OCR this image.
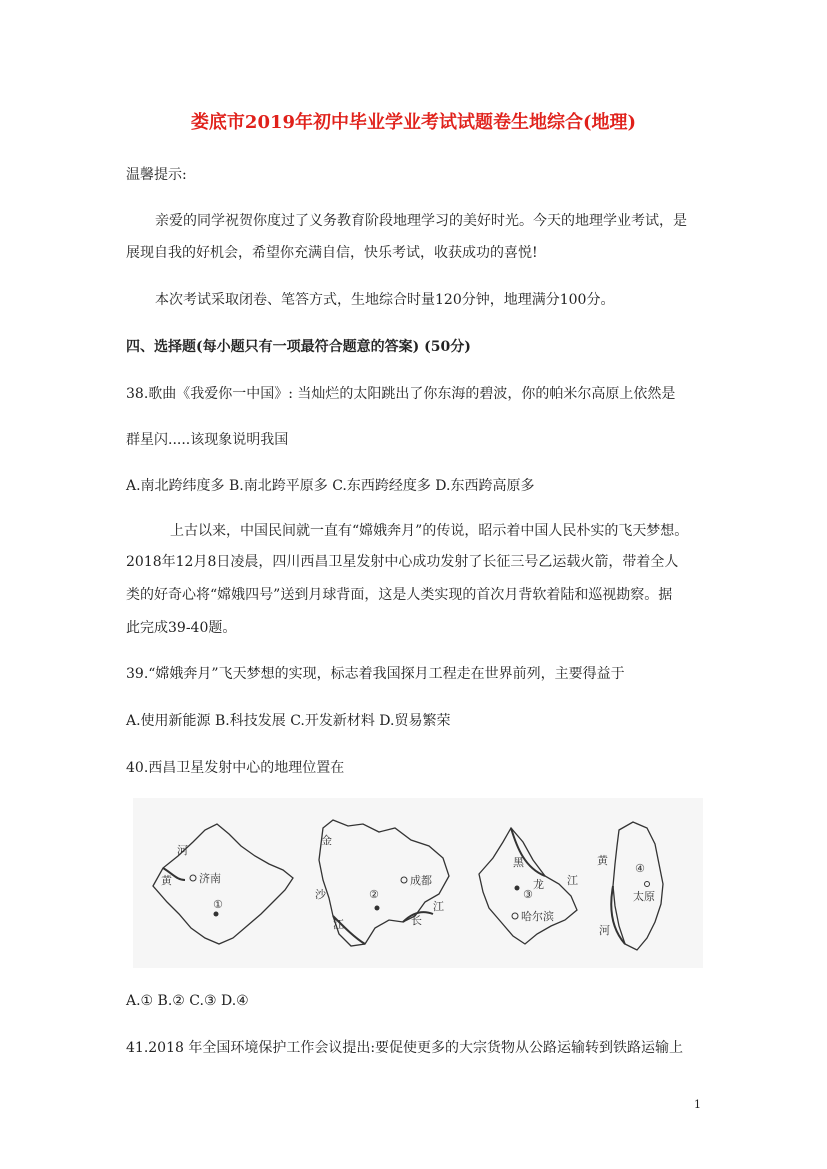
娄底市2019年初中毕业学业考试试题卷生地综合(地理)
温馨提示:
亲爱的同学祝贺你度过了义务教育阶段地理学习的美好时光。今天的地理学业考试，是
展现自我的好机会，希望你充满自信，快乐考试，收获成功的喜悦!
本次考试采取闭卷、笔答方式，生地综合时量120分钟，地理满分100分。
四、选择题(每小题只有一项最符合题意的答案) (50分)
38.歌曲《我爱你一中国》: 当灿烂的太阳跳出了你东海的碧波，你的帕米尔高原上依然是
群星闪.....该现象说明我国
A.南北跨纬度多 B.南北跨平原多 C.东西跨经度多 D.东西跨高原多
上古以来，中国民间就一直有“嫦娥奔月”的传说，昭示着中国人民朴实的飞天梦想。
2018年12月8日凌晨，四川西昌卫星发射中心成功发射了长征三号乙运载火箭，带着全人
类的好奇心将“嫦娥四号”送到月球背面，这是人类实现的首次月背软着陆和巡视勘察。据
此完成39-40题。
39.“嫦娥奔月”飞天梦想的实现，标志着我国探月工程走在世界前列，主要得益于
A.使用新能源 B.科技发展 C.开发新材料 D.贸易繁荣
40.西昌卫星发射中心的地理位置在
河
黄 济南
①
金
沙
江
②
成都
长
江
黑
龙 江
③
哈尔滨
黄
④
太原
河
A.① B.② C.③ D.④
41.2018 年全国环境保护工作会议提出:要促使更多的大宗货物从公路运输转到铁路运输上
1
